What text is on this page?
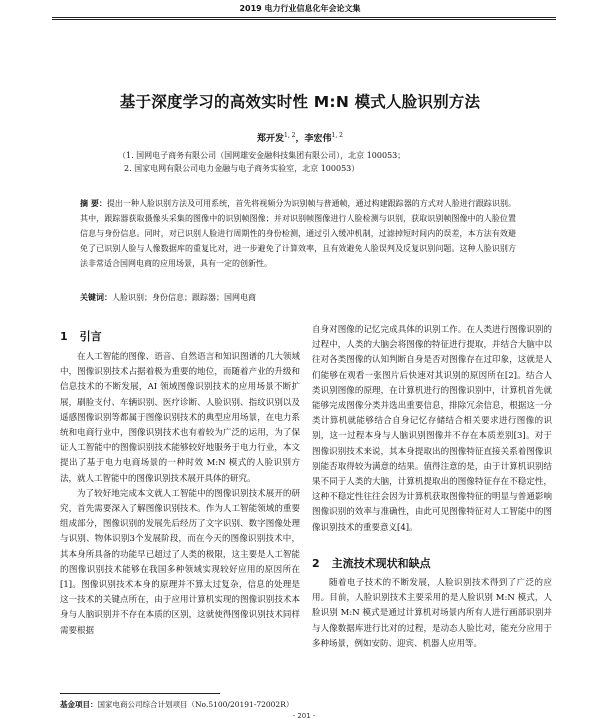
2019 电力行业信息化年会论文集
基于深度学习的高效实时性 M:N 模式人脸识别方法
郑开发$^{1, 2}$，李宏伟$^{1, 2}$
（1. 国网电子商务有限公司（国网雄安金融科技集团有限公司），北京 100053；
2. 国家电网有限公司电力金融与电子商务实验室，北京 100053）
摘 要：提出一种人脸识别方法及可用系统，首先将视频分为识别帧与普通帧，通过构建跟踪器的方式对人脸进行跟踪识别。其中，跟踪器获取摄像头采集的图像中的识别帧图像；并对识别帧图像进行人脸检测与识别，获取识别帧图像中的人脸位置信息与身份信息。同时，对已识别人脸进行周期性的身份检测，通过引入缓冲机制，过滤掉短时间内的误差，本方法有效避免了已识别人脸与人像数据库的重复比对，进一步避免了计算效率，且有效避免人脸误判及反复识别问题。这种人脸识别方法非常适合国网电商的应用场景，具有一定的创新性。
关键词：人脸识别；身份信息；跟踪器；国网电商
1 引言

在人工智能的图像、语音、自然语言和知识图谱的几大领域中，图像识别技术占据着极为重要的地位，而随着产业的升级和信息技术的不断发展，AI 领域图像识别技术的应用场景不断扩展，刷脸支付、车辆识别、医疗诊断、人脸识别、指纹识别以及遥感图像识别等都属于图像识别技术的典型应用场景，在电力系统和电商行业中，图像识别技术也有着较为广泛的运用，为了保证人工智能中的图像识别技术能够较好地服务于电力行业，本文提出了基于电力电商场景的一种时效 M:N 模式的人脸识别方法，就人工智能中的图像识别技术展开具体的研究。

为了较好地完成本文就人工智能中的图像识别技术展开的研究，首先需要深入了解图像识别技术。作为人工智能领域的重要组成部分，图像识别的发展先后经历了文字识别、数字图像处理与识别、物体识别3个发展阶段，而在今天的图像识别技术中，其本身所具备的功能早已超过了人类的极限，这主要是人工智能的图像识别技术能够在我国多种领域实现较好应用的原因所在[1]。图像识别技术本身的原理并不算太过复杂，信息的处理是这一技术的关键点所在，由于应用计算机实现的图像识别技术本身与人脑识别并不存在本质的区别，这就使得图像识别技术同样需要根据

自身对图像的记忆完成具体的识别工作。在人类进行图像识别的过程中，人类的大脑会将图像的特征进行提取，并结合大脑中以往对各类图像的认知判断自身是否对图像存在过印象，这就是人们能够在观看一张图片后快速对其识别的原因所在[2]。结合人类识别图像的原理，在计算机进行的图像识别中，计算机首先就能够完成图像分类并选出重要信息，排除冗余信息，根据这一分类计算机就能够结合自身记忆存储结合相关要求进行图像的识别，这一过程本身与人脑识别图像并不存在本质差别[3]。对于图像识别技术来说，其本身提取出的图像特征直接关系着图像识别能否取得较为满意的结果。值得注意的是，由于计算机识别结果不同于人类的大脑，计算机提取出的图像特征存在不稳定性，这种不稳定性往往会因为计算机获取图像特征的明显与普通影响图像识别的效率与准确性，由此可见图像特征对人工智能中的图像识别技术的重要意义[4]。

2 主流技术现状和缺点

随着电子技术的不断发展，人脸识别技术得到了广泛的应用。目前，人脸识别技术主要采用的是人脸识别 M:N 模式，人脸识别 M:N 模式是通过计算机对场景内所有人进行画部识别并与人像数据库进行比对的过程，是动态人脸比对，能充分应用于多种场景，例如安防、迎宾、机器人应用等。

基金项目：国家电商公司综合计划项目（No.5100/20191-72002R）
- 201 -
